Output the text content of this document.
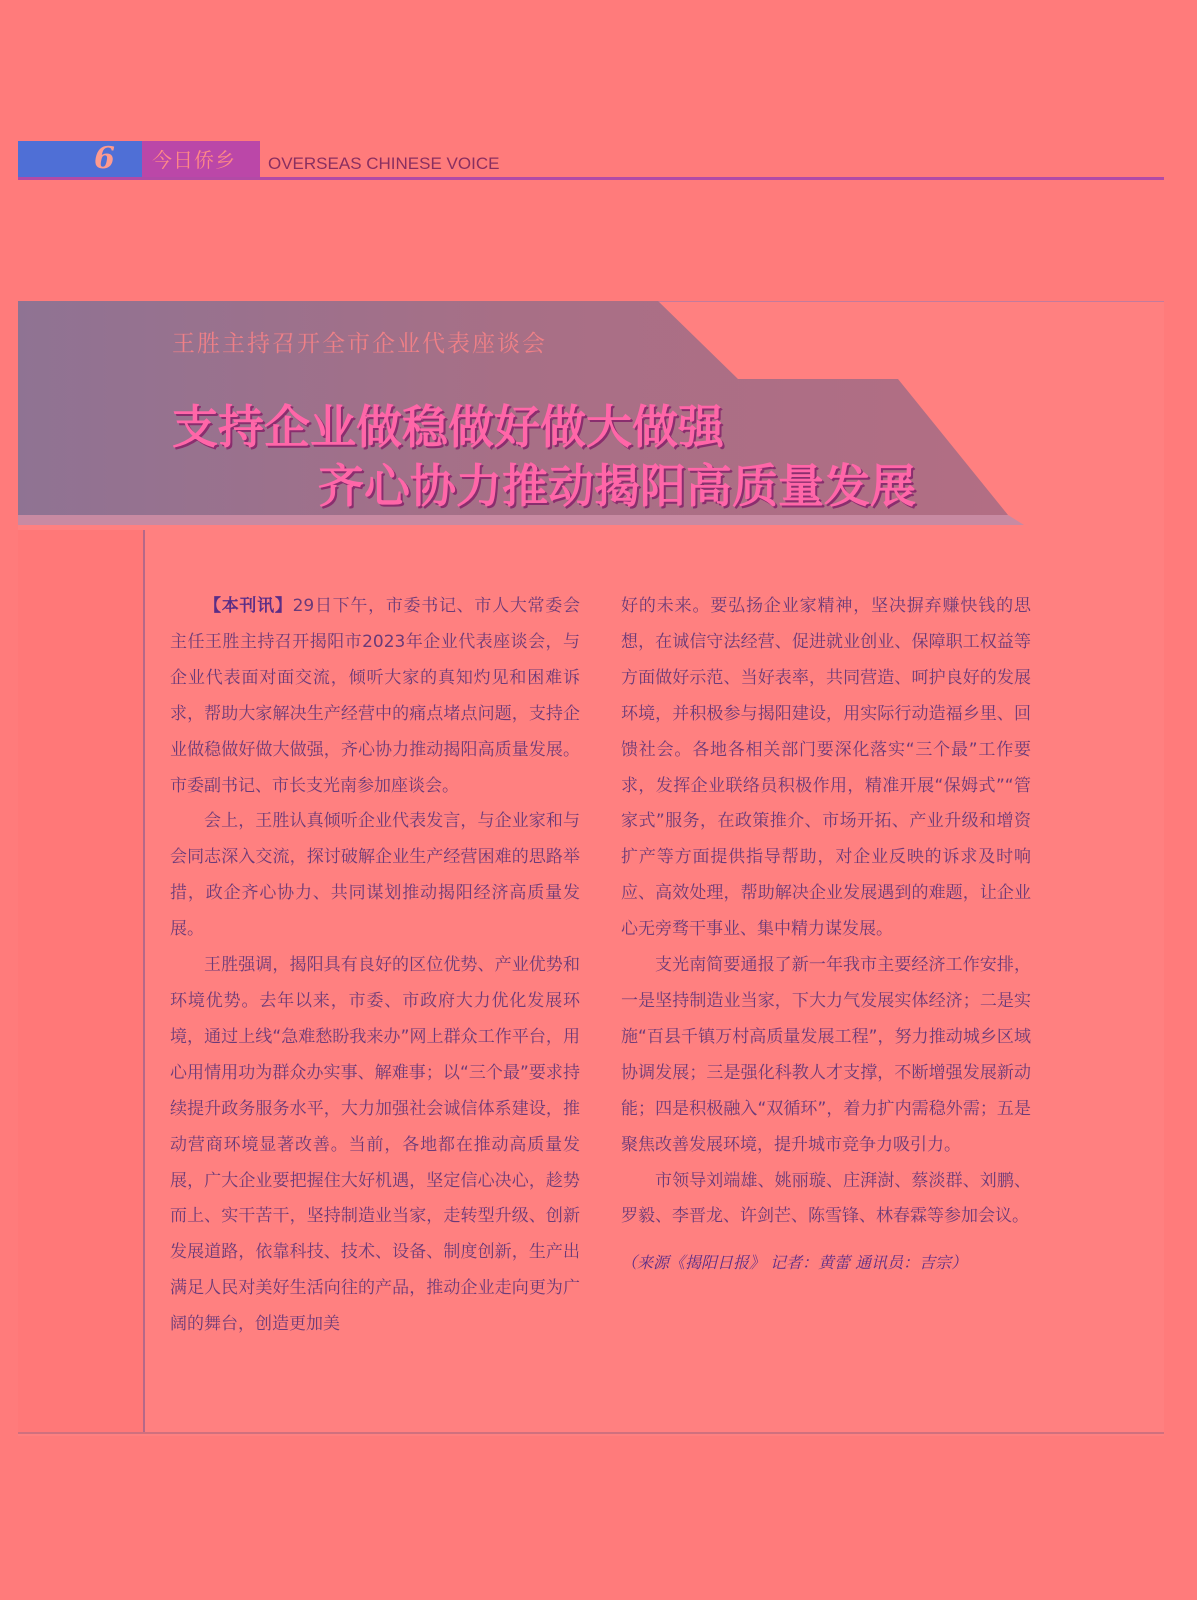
6	今日侨乡	OVERSEAS CHINESE VOICE
王胜主持召开全市企业代表座谈会
支持企业做稳做好做大做强
齐心协力推动揭阳高质量发展

【本刊讯】29日下午，市委书记、市人大常委会主任王胜主持召开揭阳市2023年企业代表座谈会，与企业代表面对面交流，倾听大家的真知灼见和困难诉求，帮助大家解决生产经营中的痛点堵点问题，支持企业做稳做好做大做强，齐心协力推动揭阳高质量发展。市委副书记、市长支光南参加座谈会。

会上，王胜认真倾听企业代表发言，与企业家和与会同志深入交流，探讨破解企业生产经营困难的思路举措，政企齐心协力、共同谋划推动揭阳经济高质量发展。

王胜强调，揭阳具有良好的区位优势、产业优势和环境优势。去年以来，市委、市政府大力优化发展环境，通过上线“急难愁盼我来办”网上群众工作平台，用心用情用功为群众办实事、解难事；以“三个最”要求持续提升政务服务水平，大力加强社会诚信体系建设，推动营商环境显著改善。当前，各地都在推动高质量发展，广大企业要把握住大好机遇，坚定信心决心，趁势而上、实干苦干，坚持制造业当家，走转型升级、创新发展道路，依靠科技、技术、设备、制度创新，生产出满足人民对美好生活向往的产品，推动企业走向更为广阔的舞台，创造更加美

好的未来。要弘扬企业家精神，坚决摒弃赚快钱的思想，在诚信守法经营、促进就业创业、保障职工权益等方面做好示范、当好表率，共同营造、呵护良好的发展环境，并积极参与揭阳建设，用实际行动造福乡里、回馈社会。各地各相关部门要深化落实“三个最”工作要求，发挥企业联络员积极作用，精准开展“保姆式”“管家式”服务，在政策推介、市场开拓、产业升级和增资扩产等方面提供指导帮助，对企业反映的诉求及时响应、高效处理，帮助解决企业发展遇到的难题，让企业心无旁骛干事业、集中精力谋发展。

支光南简要通报了新一年我市主要经济工作安排，一是坚持制造业当家，下大力气发展实体经济；二是实施“百县千镇万村高质量发展工程”，努力推动城乡区域协调发展；三是强化科教人才支撑，不断增强发展新动能；四是积极融入“双循环”，着力扩内需稳外需；五是聚焦改善发展环境，提升城市竞争力吸引力。

市领导刘端雄、姚丽璇、庄湃澍、蔡淡群、刘鹏、罗毅、李晋龙、许剑芒、陈雪锋、林春霖等参加会议。

（来源《揭阳日报》 记者：黄蕾 通讯员：吉宗）
